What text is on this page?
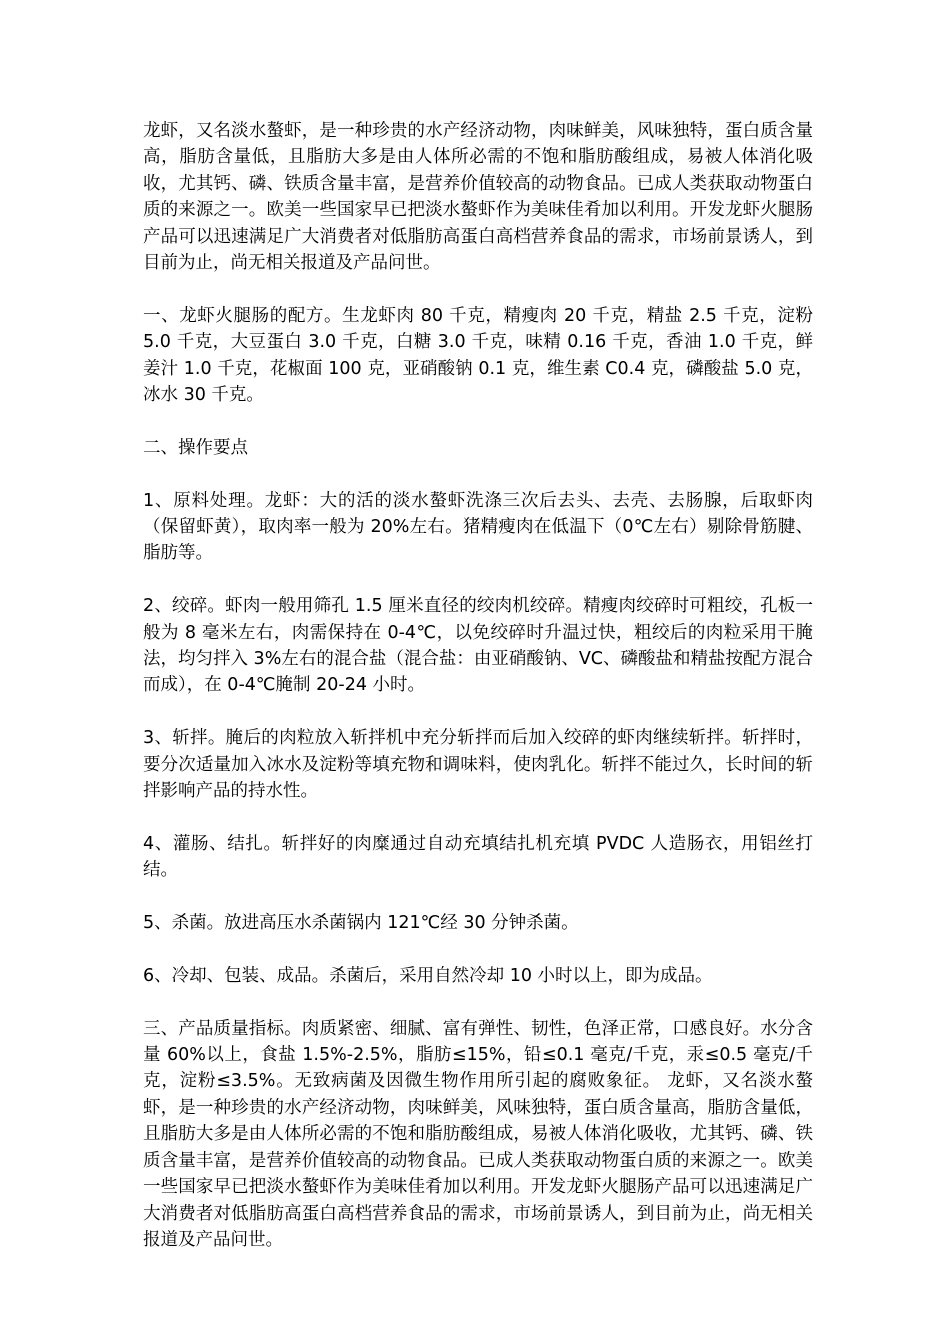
龙虾，又名淡水螯虾，是一种珍贵的水产经济动物，肉味鲜美，风味独特，蛋白质含量高，脂肪含量低，且脂肪大多是由人体所必需的不饱和脂肪酸组成，易被人体消化吸收，尤其钙、磷、铁质含量丰富，是营养价值较高的动物食品。已成人类获取动物蛋白质的来源之一。欧美一些国家早已把淡水螯虾作为美味佳肴加以利用。开发龙虾火腿肠产品可以迅速满足广大消费者对低脂肪高蛋白高档营养食品的需求，市场前景诱人，到目前为止，尚无相关报道及产品问世。

一、龙虾火腿肠的配方。生龙虾肉 80 千克，精瘦肉 20 千克，精盐 2.5 千克，淀粉 5.0 千克，大豆蛋白 3.0 千克，白糖 3.0 千克，味精 0.16 千克，香油 1.0 千克，鲜姜汁 1.0 千克，花椒面 100 克，亚硝酸钠 0.1 克，维生素 C0.4 克，磷酸盐 5.0 克，冰水 30 千克。

二、操作要点

1、原料处理。龙虾：大的活的淡水螯虾洗涤三次后去头、去壳、去肠腺，后取虾肉（保留虾黄），取肉率一般为 20%左右。猪精瘦肉在低温下（0℃左右）剔除骨筋腱、脂肪等。

2、绞碎。虾肉一般用筛孔 1.5 厘米直径的绞肉机绞碎。精瘦肉绞碎时可粗绞，孔板一般为 8 毫米左右，肉需保持在 0-4℃，以免绞碎时升温过快，粗绞后的肉粒采用干腌法，均匀拌入 3%左右的混合盐（混合盐：由亚硝酸钠、VC、磷酸盐和精盐按配方混合而成），在 0-4℃腌制 20-24 小时。

3、斩拌。腌后的肉粒放入斩拌机中充分斩拌而后加入绞碎的虾肉继续斩拌。斩拌时，要分次适量加入冰水及淀粉等填充物和调味料，使肉乳化。斩拌不能过久，长时间的斩拌影响产品的持水性。

4、灌肠、结扎。斩拌好的肉糜通过自动充填结扎机充填 PVDC 人造肠衣，用铝丝打结。

5、杀菌。放进高压水杀菌锅内 121℃经 30 分钟杀菌。

6、冷却、包装、成品。杀菌后，采用自然冷却 10 小时以上，即为成品。

三、产品质量指标。肉质紧密、细腻、富有弹性、韧性，色泽正常，口感良好。水分含量 60%以上，食盐 1.5%-2.5%，脂肪≤15%，铅≤0.1 毫克/千克，汞≤0.5 毫克/千克，淀粉≤3.5%。无致病菌及因微生物作用所引起的腐败象征。 龙虾，又名淡水螯虾，是一种珍贵的水产经济动物，肉味鲜美，风味独特，蛋白质含量高，脂肪含量低，且脂肪大多是由人体所必需的不饱和脂肪酸组成，易被人体消化吸收，尤其钙、磷、铁质含量丰富，是营养价值较高的动物食品。已成人类获取动物蛋白质的来源之一。欧美一些国家早已把淡水螯虾作为美味佳肴加以利用。开发龙虾火腿肠产品可以迅速满足广大消费者对低脂肪高蛋白高档营养食品的需求，市场前景诱人，到目前为止，尚无相关报道及产品问世。
